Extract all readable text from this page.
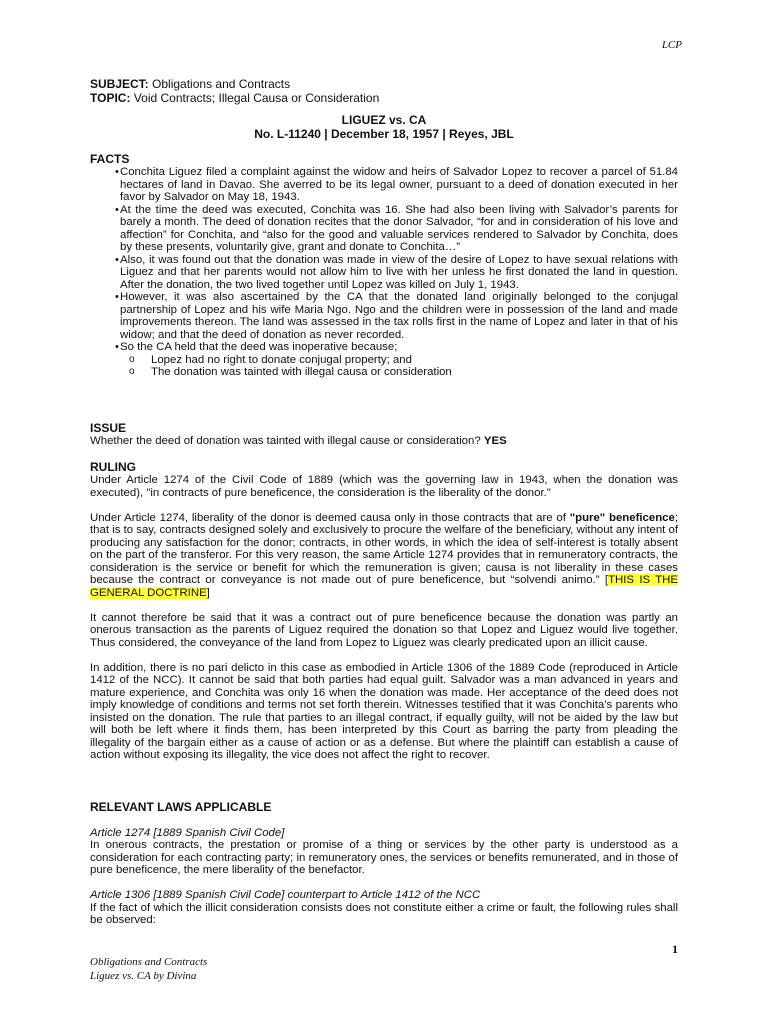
LCP
SUBJECT: Obligations and Contracts
TOPIC: Void Contracts; Illegal Causa or Consideration
LIGUEZ vs. CA
No. L-11240 | December 18, 1957 | Reyes, JBL
FACTS
• Conchita Liguez filed a complaint against the widow and heirs of Salvador Lopez to recover a parcel of 51.84 hectares of land in Davao. She averred to be its legal owner, pursuant to a deed of donation executed in her favor by Salvador on May 18, 1943.
• At the time the deed was executed, Conchita was 16. She had also been living with Salvador’s parents for barely a month. The deed of donation recites that the donor Salvador, “for and in consideration of his love and affection” for Conchita, and “also for the good and valuable services rendered to Salvador by Conchita, does by these presents, voluntarily give, grant and donate to Conchita…”
• Also, it was found out that the donation was made in view of the desire of Lopez to have sexual relations with Liguez and that her parents would not allow him to live with her unless he first donated the land in question. After the donation, the two lived together until Lopez was killed on July 1, 1943.
• However, it was also ascertained by the CA that the donated land originally belonged to the conjugal partnership of Lopez and his wife Maria Ngo. Ngo and the children were in possession of the land and made improvements thereon. The land was assessed in the tax rolls first in the name of Lopez and later in that of his widow; and that the deed of donation as never recorded.
• So the CA held that the deed was inoperative because;
o Lopez had no right to donate conjugal property; and
o The donation was tainted with illegal causa or consideration
ISSUE
Whether the deed of donation was tainted with illegal cause or consideration? YES
RULING

Under Article 1274 of the Civil Code of 1889 (which was the governing law in 1943, when the donation was executed), "in contracts of pure beneficence, the consideration is the liberality of the donor."

Under Article 1274, liberality of the donor is deemed causa only in those contracts that are of "pure" beneficence; that is to say, contracts designed solely and exclusively to procure the welfare of the beneficiary, without any intent of producing any satisfaction for the donor; contracts, in other words, in which the idea of self-interest is totally absent on the part of the transferor. For this very reason, the same Article 1274 provides that in remuneratory contracts, the consideration is the service or benefit for which the remuneration is given; causa is not liberality in these cases because the contract or conveyance is not made out of pure beneficence, but “solvendi animo.” [THIS IS THE GENERAL DOCTRINE]

It cannot therefore be said that it was a contract out of pure beneficence because the donation was partly an onerous transaction as the parents of Liguez required the donation so that Lopez and Liguez would live together. Thus considered, the conveyance of the land from Lopez to Liguez was clearly predicated upon an illicit cause.

In addition, there is no pari delicto in this case as embodied in Article 1306 of the 1889 Code (reproduced in Article 1412 of the NCC). It cannot be said that both parties had equal guilt. Salvador was a man advanced in years and mature experience, and Conchita was only 16 when the donation was made. Her acceptance of the deed does not imply knowledge of conditions and terms not set forth therein. Witnesses testified that it was Conchita’s parents who insisted on the donation. The rule that parties to an illegal contract, if equally guilty, will not be aided by the law but will both be left where it finds them, has been interpreted by this Court as barring the party from pleading the illegality of the bargain either as a cause of action or as a defense. But where the plaintiff can establish a cause of action without exposing its illegality, the vice does not affect the right to recover.

RELEVANT LAWS APPLICABLE
Article 1274 [1889 Spanish Civil Code]

In onerous contracts, the prestation or promise of a thing or services by the other party is understood as a consideration for each contracting party; in remuneratory ones, the services or benefits remunerated, and in those of pure beneficence, the mere liberality of the benefactor.

Article 1306 [1889 Spanish Civil Code] counterpart to Article 1412 of the NCC

If the fact of which the illicit consideration consists does not constitute either a crime or fault, the following rules shall be observed:

1
Obligations and Contracts
Liguez vs. CA by Divina
